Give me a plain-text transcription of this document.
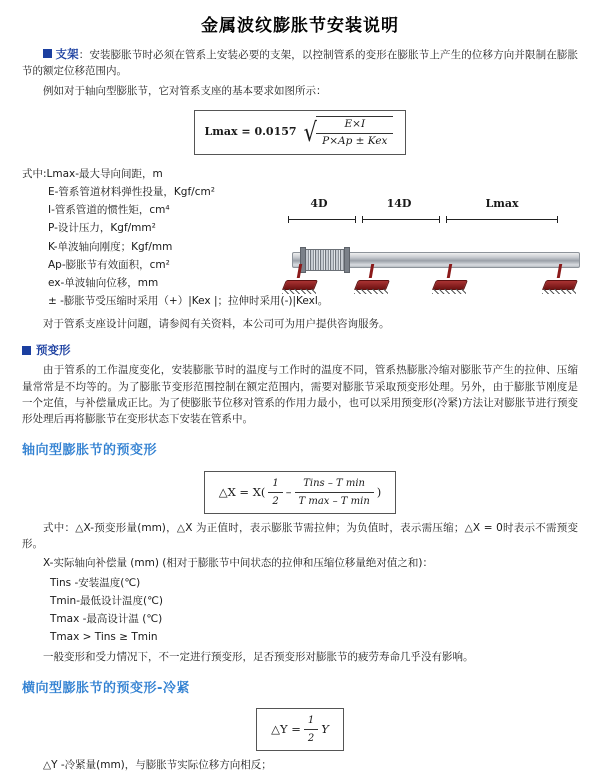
金属波纹膨胀节安装说明

支架：安装膨胀节时必须在管系上安装必要的支架，以控制管系的变形在膨胀节上产生的位移方向并限制在膨胀节的额定位移范围内。

例如对于轴向型膨胀节，它对管系支座的基本要求如图所示：

Lmax = 0.0157 √ $\frac{E\times I}{\text{P×Ap ± Kex}}$
式中:Lmax-最大导向间距，m
E-管系管道材料弹性投量，Kgf/cm²
I-管系管道的惯性矩，cm⁴
P-设计压力，Kgf/mm²
K-单波轴向刚度；Kgf/mm
Ap-膨胀节有效面积，cm²
ex-单波轴向位移，mm
± -膨胀节受压缩时采用（+）|Kex |；拉伸时采用(-)|Kexl。

对于管系支座设计问题，请参阅有关资料，本公司可为用户提供咨询服务。

预变形

由于管系的工作温度变化，安装膨胀节时的温度与工作时的温度不同，管系热膨胀冷缩对膨胀节产生的拉伸、压缩量常常是不均等的。为了膨胀节变形范围控制在额定范围内，需要对膨胀节采取预变形处理。另外，由于膨胀节刚度是一个定值，与补偿量成正比。为了使膨胀节位移对管系的作用力最小，也可以采用预变形(冷紧)方法让对膨胀节进行预变形处理后再将膨胀节在变形状态下安装在管系中。

轴向型膨胀节的预变形
△X = $X( \frac{1}{2} - \frac{\text{Tins – T min}}{\text{T max – T min}}$ )

式中：△X-预变形量(mm)，△X 为正值时，表示膨胀节需拉伸；为负值时，表示需压缩；△X = 0时表示不需预变形。

X-实际轴向补偿量 (mm) (相对于膨胀节中间状态的拉伸和压缩位移量绝对值之和)：

Tins -安装温度(℃)

Tmin-最低设计温度(℃)

Tmax -最高设计温 (℃)

Tmax > Tins ≥ Tmin

一般变形和受力情况下，不一定进行预变形，足否预变形对膨胀节的疲劳寿命几乎没有影响。

横向型膨胀节的预变形-冷紧
△Y = $\frac{1}{2}$ Y

△Y -冷紧量(mm)，与膨胀节实际位移方向相反；

4D	14D	Lmax
